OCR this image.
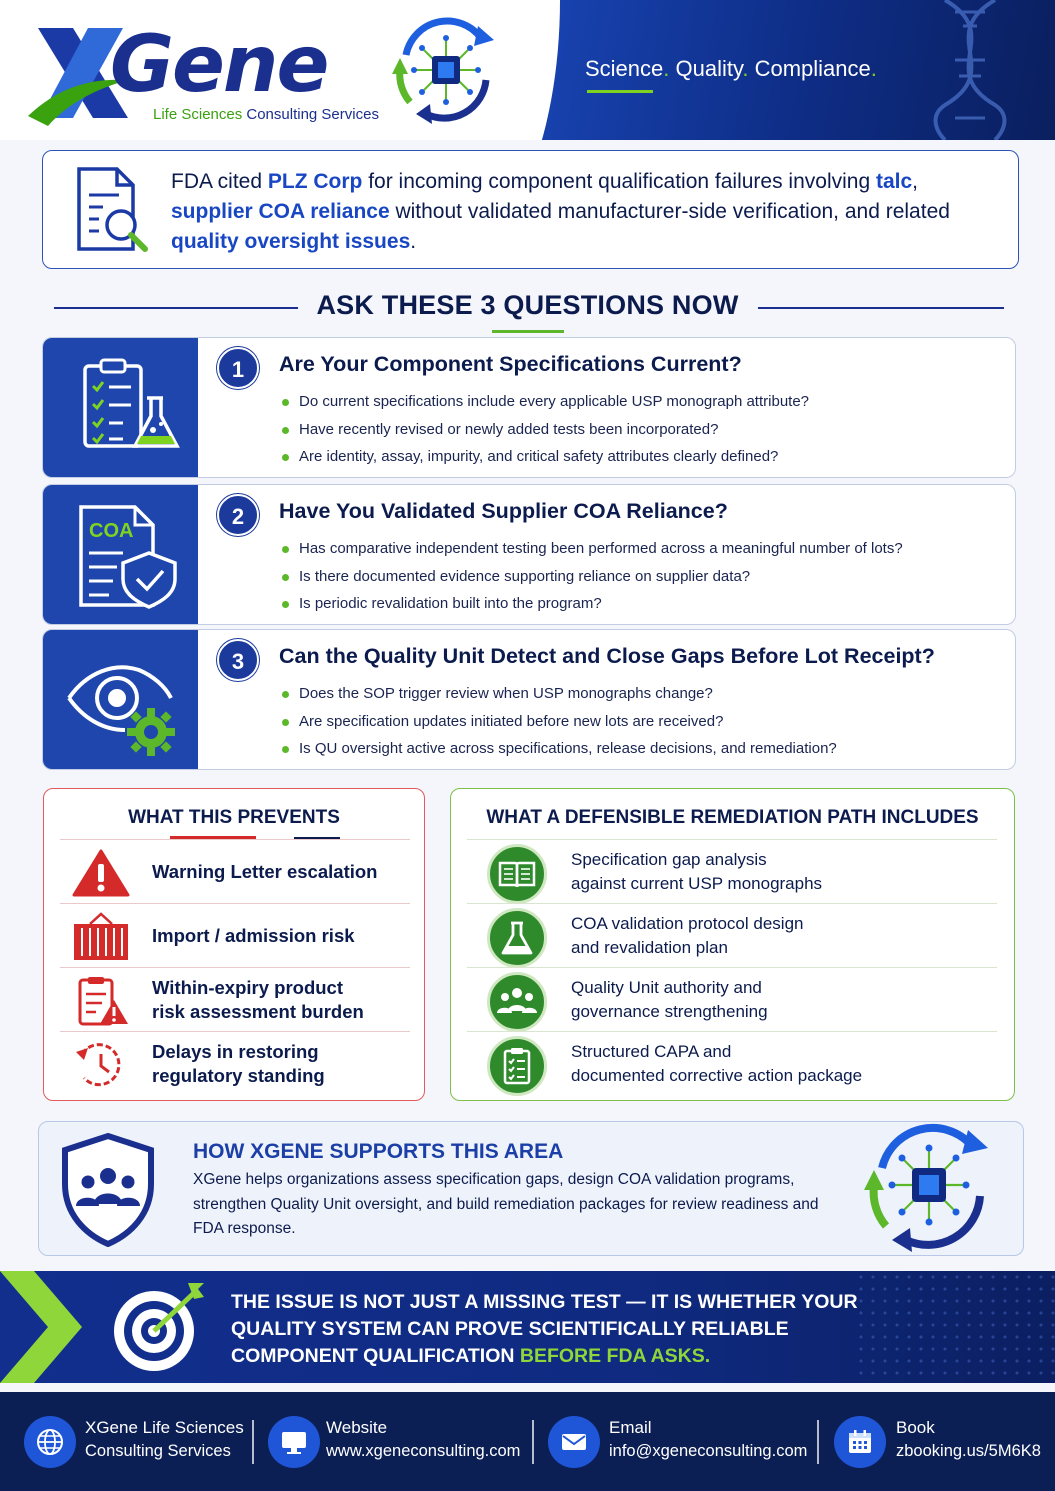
Gene
Life Sciences Consulting Services
Science. Quality. Compliance.
FDA cited PLZ Corp for incoming component qualification failures involving talc, supplier COA reliance without validated manufacturer-side verification, and related quality oversight issues.
ASK THESE 3 QUESTIONS NOW
1	Are Your Component Specifications Current?
Do current specifications include every applicable USP monograph attribute?
Have recently revised or newly added tests been incorporated?
Are identity, assay, impurity, and critical safety attributes clearly defined?
COA
2	Have You Validated Supplier COA Reliance?
Has comparative independent testing been performed across a meaningful number of lots?
Is there documented evidence supporting reliance on supplier data?
Is periodic revalidation built into the program?
3	Can the Quality Unit Detect and Close Gaps Before Lot Receipt?
Does the SOP trigger review when USP monographs change?
Are specification updates initiated before new lots are received?
Is QU oversight active across specifications, release decisions, and remediation?
WHAT THIS PREVENTS
Warning Letter escalation
Import / admission risk
Within-expiry product
risk assessment burden
Delays in restoring
regulatory standing
WHAT A DEFENSIBLE REMEDIATION PATH INCLUDES
Specification gap analysis
against current USP monographs
COA validation protocol design
and revalidation plan
Quality Unit authority and
governance strengthening
Structured CAPA and
documented corrective action package
HOW XGENE SUPPORTS THIS AREA
XGene helps organizations assess specification gaps, design COA validation programs, strengthen Quality Unit oversight, and build remediation packages for review readiness and FDA response.
THE ISSUE IS NOT JUST A MISSING TEST — IT IS WHETHER YOUR
QUALITY SYSTEM CAN PROVE SCIENTIFICALLY RELIABLE
COMPONENT QUALIFICATION BEFORE FDA ASKS.
XGene Life Sciences
Consulting Services
Website
www.xgeneconsulting.com
Email
info@xgeneconsulting.com
Book
zbooking.us/5M6K8
